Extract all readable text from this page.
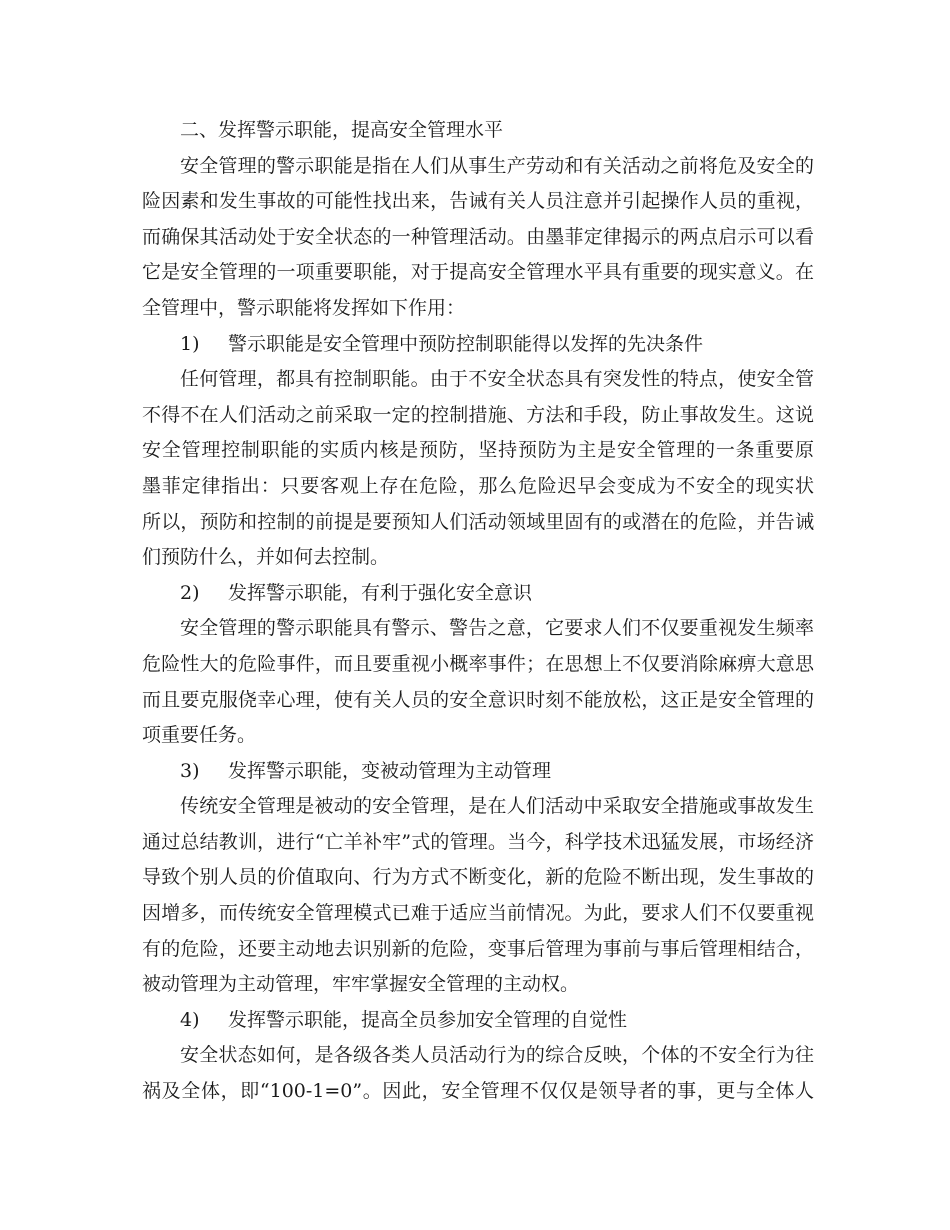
二、发挥警示职能，提高安全管理水平
安全管理的警示职能是指在人们从事生产劳动和有关活动之前将危及安全的
险因素和发生事故的可能性找出来，告诫有关人员注意并引起操作人员的重视，
而确保其活动处于安全状态的一种管理活动。由墨菲定律揭示的两点启示可以看
它是安全管理的一项重要职能，对于提高安全管理水平具有重要的现实意义。在
全管理中，警示职能将发挥如下作用：
1) 警示职能是安全管理中预防控制职能得以发挥的先决条件
任何管理，都具有控制职能。由于不安全状态具有突发性的特点，使安全管
不得不在人们活动之前采取一定的控制措施、方法和手段，防止事故发生。这说
安全管理控制职能的实质内核是预防，坚持预防为主是安全管理的一条重要原
墨菲定律指出：只要客观上存在危险，那么危险迟早会变成为不安全的现实状
所以，预防和控制的前提是要预知人们活动领域里固有的或潜在的危险，并告诫
们预防什么，并如何去控制。
2) 发挥警示职能，有利于强化安全意识
安全管理的警示职能具有警示、警告之意，它要求人们不仅要重视发生频率
危险性大的危险事件，而且要重视小概率事件；在思想上不仅要消除麻痹大意思
而且要克服侥幸心理，使有关人员的安全意识时刻不能放松，这正是安全管理的
项重要任务。
3) 发挥警示职能，变被动管理为主动管理
传统安全管理是被动的安全管理，是在人们活动中采取安全措施或事故发生
通过总结教训，进行“亡羊补牢”式的管理。当今，科学技术迅猛发展，市场经济
导致个别人员的价值取向、行为方式不断变化，新的危险不断出现，发生事故的
因增多，而传统安全管理模式已难于适应当前情况。为此，要求人们不仅要重视
有的危险，还要主动地去识别新的危险，变事后管理为事前与事后管理相结合，
被动管理为主动管理，牢牢掌握安全管理的主动权。
4) 发挥警示职能，提高全员参加安全管理的自觉性
安全状态如何，是各级各类人员活动行为的综合反映，个体的不安全行为往
祸及全体，即“100-1=0”。因此，安全管理不仅仅是领导者的事，更与全体人
